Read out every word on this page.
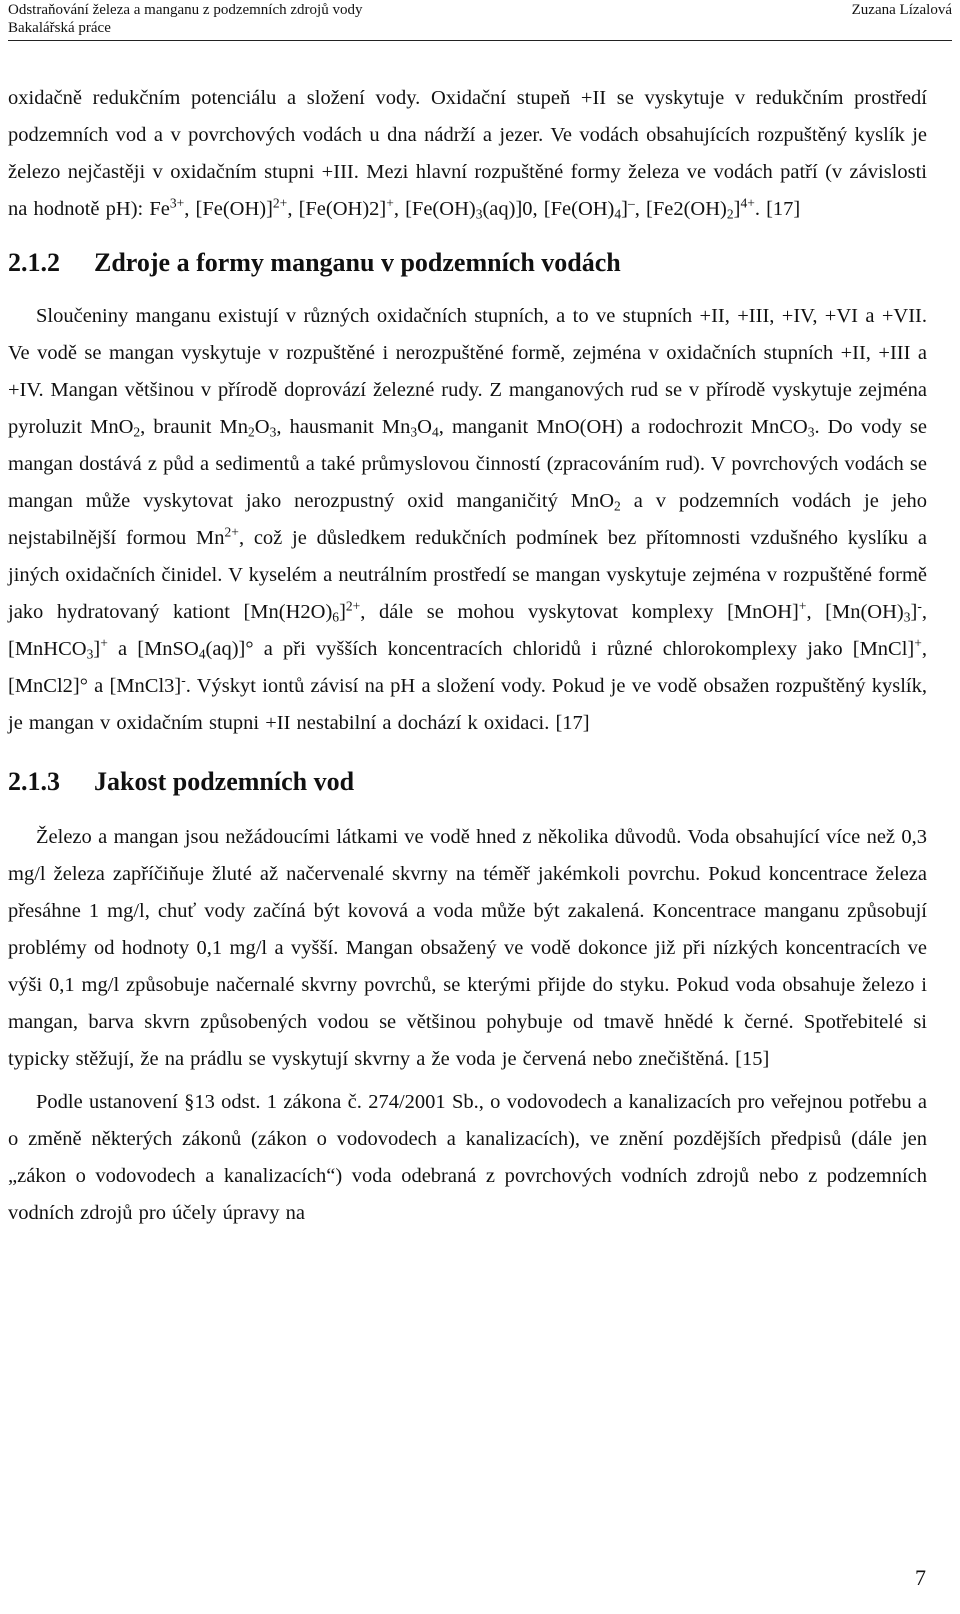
Odstraňování železa a manganu z podzemních zdrojů vody
Bakalářská práce
Zuzana Lízalová

oxidačně redukčním potenciálu a složení vody. Oxidační stupeň +II se vyskytuje v redukčním prostředí podzemních vod a v povrchových vodách u dna nádrží a jezer. Ve vodách obsahujících rozpuštěný kyslík je železo nejčastěji v oxidačním stupni +III. Mezi hlavní rozpuštěné formy železa ve vodách patří (v závislosti na hodnotě pH): $Fe^{3+}$, $[Fe(OH)]^{2+}$, [Fe(OH)2]+, $[Fe(OH)_3(aq)]0$, $[Fe(OH)_4]^-$, $[Fe2(OH)_2]^{4+}$. [17]

2.1.2	Zdroje a formy manganu v podzemních vodách

Sloučeniny manganu existují v různých oxidačních stupních, a to ve stupních +II, +III, +IV, +VI a +VII. Ve vodě se mangan vyskytuje v rozpuštěné i nerozpuštěné formě, zejména v oxidačních stupních +II, +III a +IV. Mangan většinou v přírodě doprovází železné rudy. Z manganových rud se v přírodě vyskytuje zejména pyroluzit MnO$_2$, braunit $Mn_2O_3$, hausmanit $Mn_3O_4$, manganit MnO(OH) a rodochrozit MnCO$_3$. Do vody se mangan dostává z půd a sedimentů a také průmyslovou činností (zpracováním rud). V povrchových vodách se mangan může vyskytovat jako nerozpustný oxid manganičitý MnO$_2$ a v podzemních vodách je jeho nejstabilnější formou $Mn^{2+}$, což je důsledkem redukčních podmínek bez přítomnosti vzdušného kyslíku a jiných oxidačních činidel. V kyselém a neutrálním prostředí se mangan vyskytuje zejména v rozpuštěné formě jako hydratovaný kationt $[Mn(H2O)_6]^{2+}$, dále se mohou vyskytovat komplexy [MnOH]+, $[Mn(OH)_3]^-$, [MnHCO$_3$]+ a [MnSO$_4$(aq)]° a při vyšších koncentracích chloridů i různé chlorokomplexy jako [MnCl]+, [MnCl2]° a [MnCl3]-. Výskyt iontů závisí na pH a složení vody. Pokud je ve vodě obsažen rozpuštěný kyslík, je mangan v oxidačním stupni +II nestabilní a dochází k oxidaci. [17]

2.1.3	Jakost podzemních vod

Železo a mangan jsou nežádoucími látkami ve vodě hned z několika důvodů. Voda obsahující více než 0,3 mg/l železa zapříčiňuje žluté až načervenalé skvrny na téměř jakémkoli povrchu. Pokud koncentrace železa přesáhne 1 mg/l, chuť vody začíná být kovová a voda může být zakalená. Koncentrace manganu způsobují problémy od hodnoty 0,1 mg/l a vyšší. Mangan obsažený ve vodě dokonce již při nízkých koncentracích ve výši 0,1 mg/l způsobuje načernalé skvrny povrchů, se kterými přijde do styku. Pokud voda obsahuje železo i mangan, barva skvrn způsobených vodou se většinou pohybuje od tmavě hnědé k černé. Spotřebitelé si typicky stěžují, že na prádlu se vyskytují skvrny a že voda je červená nebo znečištěná. [15]

Podle ustanovení §13 odst. 1 zákona č. 274/2001 Sb., o vodovodech a kanalizacích pro veřejnou potřebu a o změně některých zákonů (zákon o vodovodech a kanalizacích), ve znění pozdějších předpisů (dále jen „zákon o vodovodech a kanalizacích“) voda odebraná z povrchových vodních zdrojů nebo z podzemních vodních zdrojů pro účely úpravy na

7
